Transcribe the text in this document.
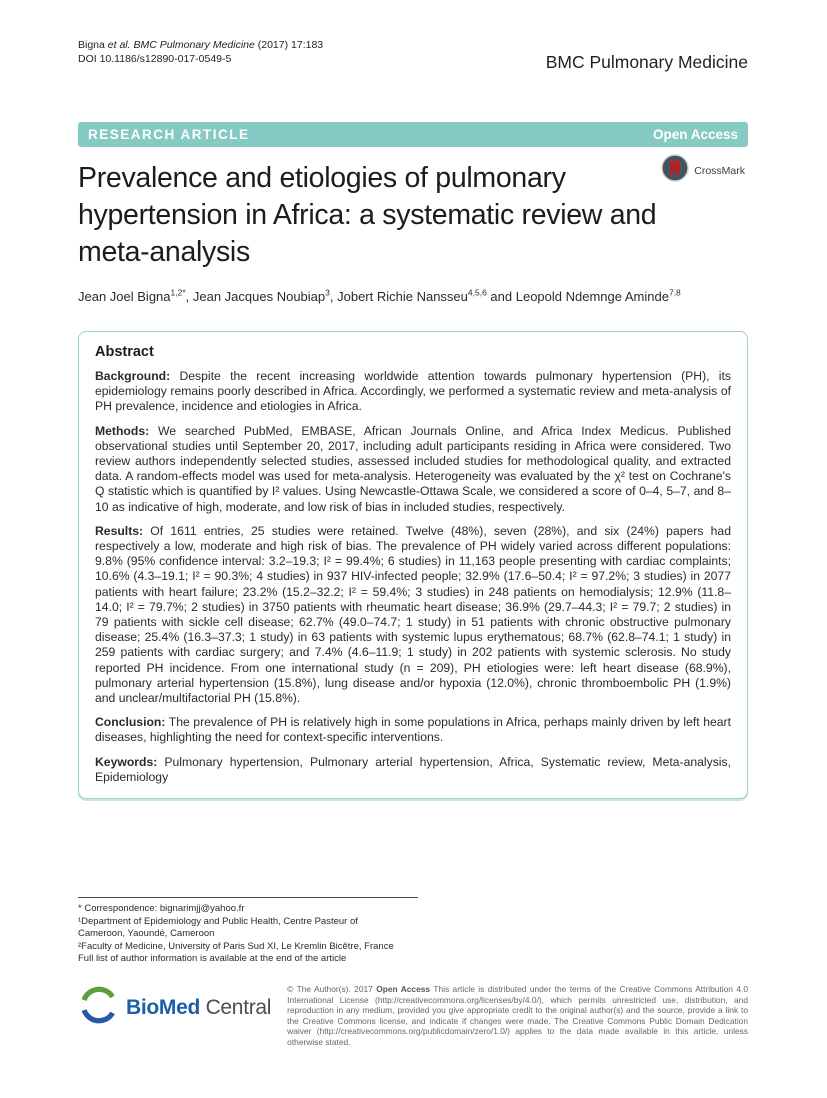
Bigna et al. BMC Pulmonary Medicine (2017) 17:183
DOI 10.1186/s12890-017-0549-5	BMC Pulmonary Medicine
RESEARCH ARTICLE	Open Access
CrossMark
Prevalence and etiologies of pulmonary hypertension in Africa: a systematic review and meta-analysis
Jean Joel Bigna$^{1,2*}$, Jean Jacques Noubiap$^3$, Jobert Richie Nansseu$^{4,5,6}$ and Leopold Ndemnge Aminde$^{7,8}$
Abstract

Background: Despite the recent increasing worldwide attention towards pulmonary hypertension (PH), its epidemiology remains poorly described in Africa. Accordingly, we performed a systematic review and meta-analysis of PH prevalence, incidence and etiologies in Africa.

Methods: We searched PubMed, EMBASE, African Journals Online, and Africa Index Medicus. Published observational studies until September 20, 2017, including adult participants residing in Africa were considered. Two review authors independently selected studies, assessed included studies for methodological quality, and extracted data. A random-effects model was used for meta-analysis. Heterogeneity was evaluated by the χ² test on Cochrane's Q statistic which is quantified by I² values. Using Newcastle-Ottawa Scale, we considered a score of 0–4, 5–7, and 8–10 as indicative of high, moderate, and low risk of bias in included studies, respectively.

Results: Of 1611 entries, 25 studies were retained. Twelve (48%), seven (28%), and six (24%) papers had respectively a low, moderate and high risk of bias. The prevalence of PH widely varied across different populations: 9.8% (95% confidence interval: 3.2–19.3; I² = 99.4%; 6 studies) in 11,163 people presenting with cardiac complaints; 10.6% (4.3–19.1; I² = 90.3%; 4 studies) in 937 HIV-infected people; 32.9% (17.6–50.4; I² = 97.2%; 3 studies) in 2077 patients with heart failure; 23.2% (15.2–32.2; I² = 59.4%; 3 studies) in 248 patients on hemodialysis; 12.9% (11.8–14.0; I² = 79.7%; 2 studies) in 3750 patients with rheumatic heart disease; 36.9% (29.7–44.3; I² = 79.7; 2 studies) in 79 patients with sickle cell disease; 62.7% (49.0–74.7; 1 study) in 51 patients with chronic obstructive pulmonary disease; 25.4% (16.3–37.3; 1 study) in 63 patients with systemic lupus erythematous; 68.7% (62.8–74.1; 1 study) in 259 patients with cardiac surgery; and 7.4% (4.6–11.9; 1 study) in 202 patients with systemic sclerosis. No study reported PH incidence. From one international study (n = 209), PH etiologies were: left heart disease (68.9%), pulmonary arterial hypertension (15.8%), lung disease and/or hypoxia (12.0%), chronic thromboembolic PH (1.9%) and unclear/multifactorial PH (15.8%).

Conclusion: The prevalence of PH is relatively high in some populations in Africa, perhaps mainly driven by left heart diseases, highlighting the need for context-specific interventions.

Keywords: Pulmonary hypertension, Pulmonary arterial hypertension, Africa, Systematic review, Meta-analysis, Epidemiology

* Correspondence: bignarimjj@yahoo.fr
¹Department of Epidemiology and Public Health, Centre Pasteur of
Cameroon, Yaoundé, Cameroon
²Faculty of Medicine, University of Paris Sud XI, Le Kremlin Bicêtre, France
Full list of author information is available at the end of the article
BioMed Central
© The Author(s). 2017 Open Access This article is distributed under the terms of the Creative Commons Attribution 4.0 International License (http://creativecommons.org/licenses/by/4.0/), which permits unrestricted use, distribution, and reproduction in any medium, provided you give appropriate credit to the original author(s) and the source, provide a link to the Creative Commons license, and indicate if changes were made. The Creative Commons Public Domain Dedication waiver (http://creativecommons.org/publicdomain/zero/1.0/) applies to the data made available in this article, unless otherwise stated.
